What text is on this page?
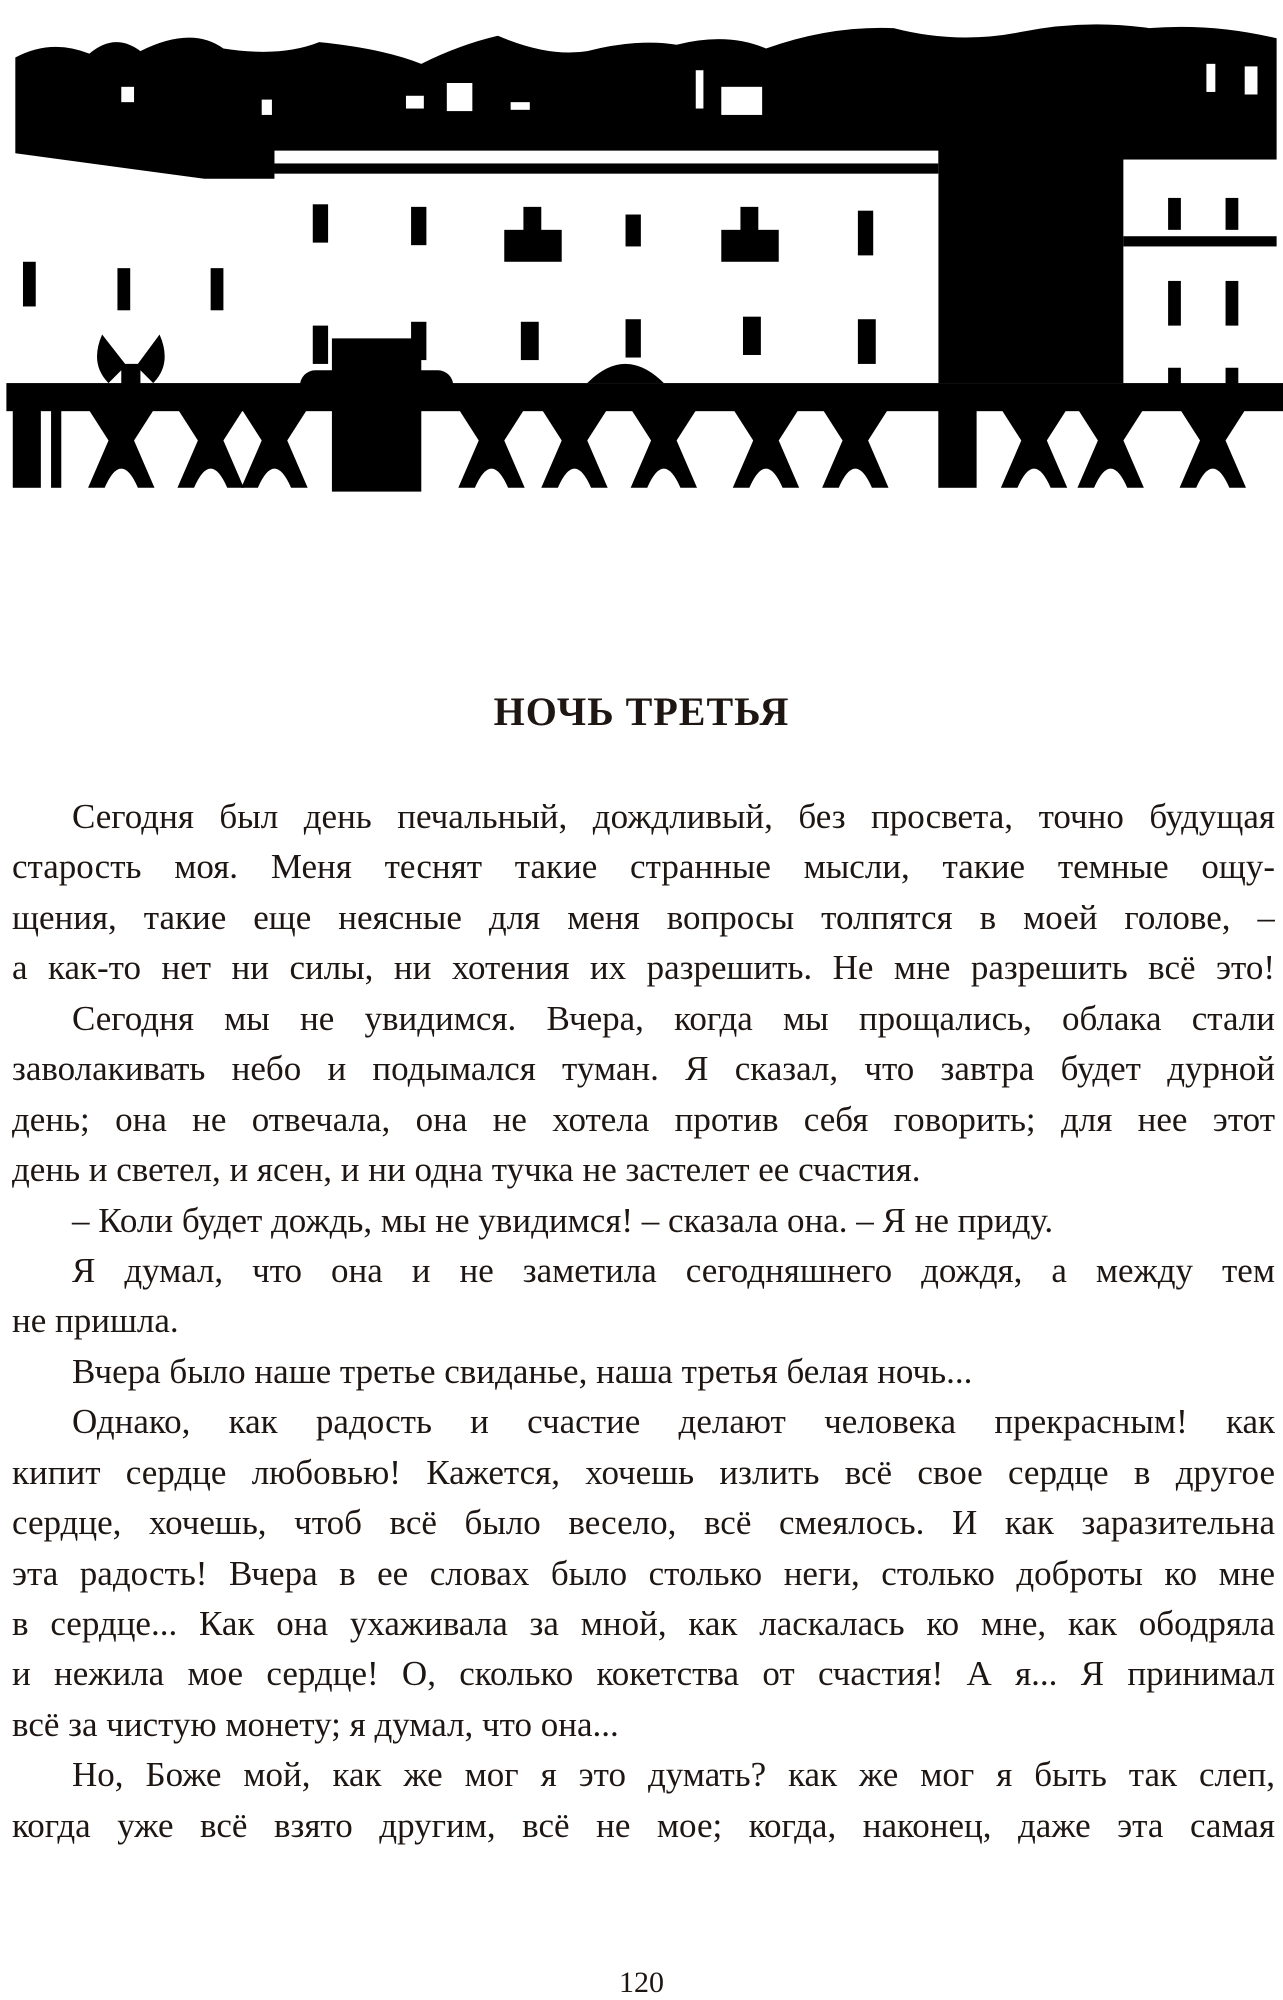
НОЧЬ ТРЕТЬЯ
Сегодня был день печальный, дождливый, без просвета, точно будущая
старость моя. Меня теснят такие странные мысли, такие темные ощу-
щения, такие еще неясные для меня вопросы толпятся в моей голове, –
а как-то нет ни силы, ни хотения их разрешить. Не мне разрешить всё это!
Сегодня мы не увидимся. Вчера, когда мы прощались, облака стали
заволакивать небо и подымался туман. Я сказал, что завтра будет дурной
день; она не отвечала, она не хотела против себя говорить; для нее этот
день и светел, и ясен, и ни одна тучка не застелет ее счастия.
– Коли будет дождь, мы не увидимся! – сказала она. – Я не приду.
Я думал, что она и не заметила сегодняшнего дождя, а между тем
не пришла.
Вчера было наше третье свиданье, наша третья белая ночь...
Однако, как радость и счастие делают человека прекрасным! как
кипит сердце любовью! Кажется, хочешь излить всё свое сердце в другое
сердце, хочешь, чтоб всё было весело, всё смеялось. И как заразительна
эта радость! Вчера в ее словах было столько неги, столько доброты ко мне
в сердце... Как она ухаживала за мной, как ласкалась ко мне, как ободряла
и нежила мое сердце! О, сколько кокетства от счастия! А я... Я принимал
всё за чистую монету; я думал, что она...
Но, Боже мой, как же мог я это думать? как же мог я быть так слеп,
когда уже всё взято другим, всё не мое; когда, наконец, даже эта самая
120
